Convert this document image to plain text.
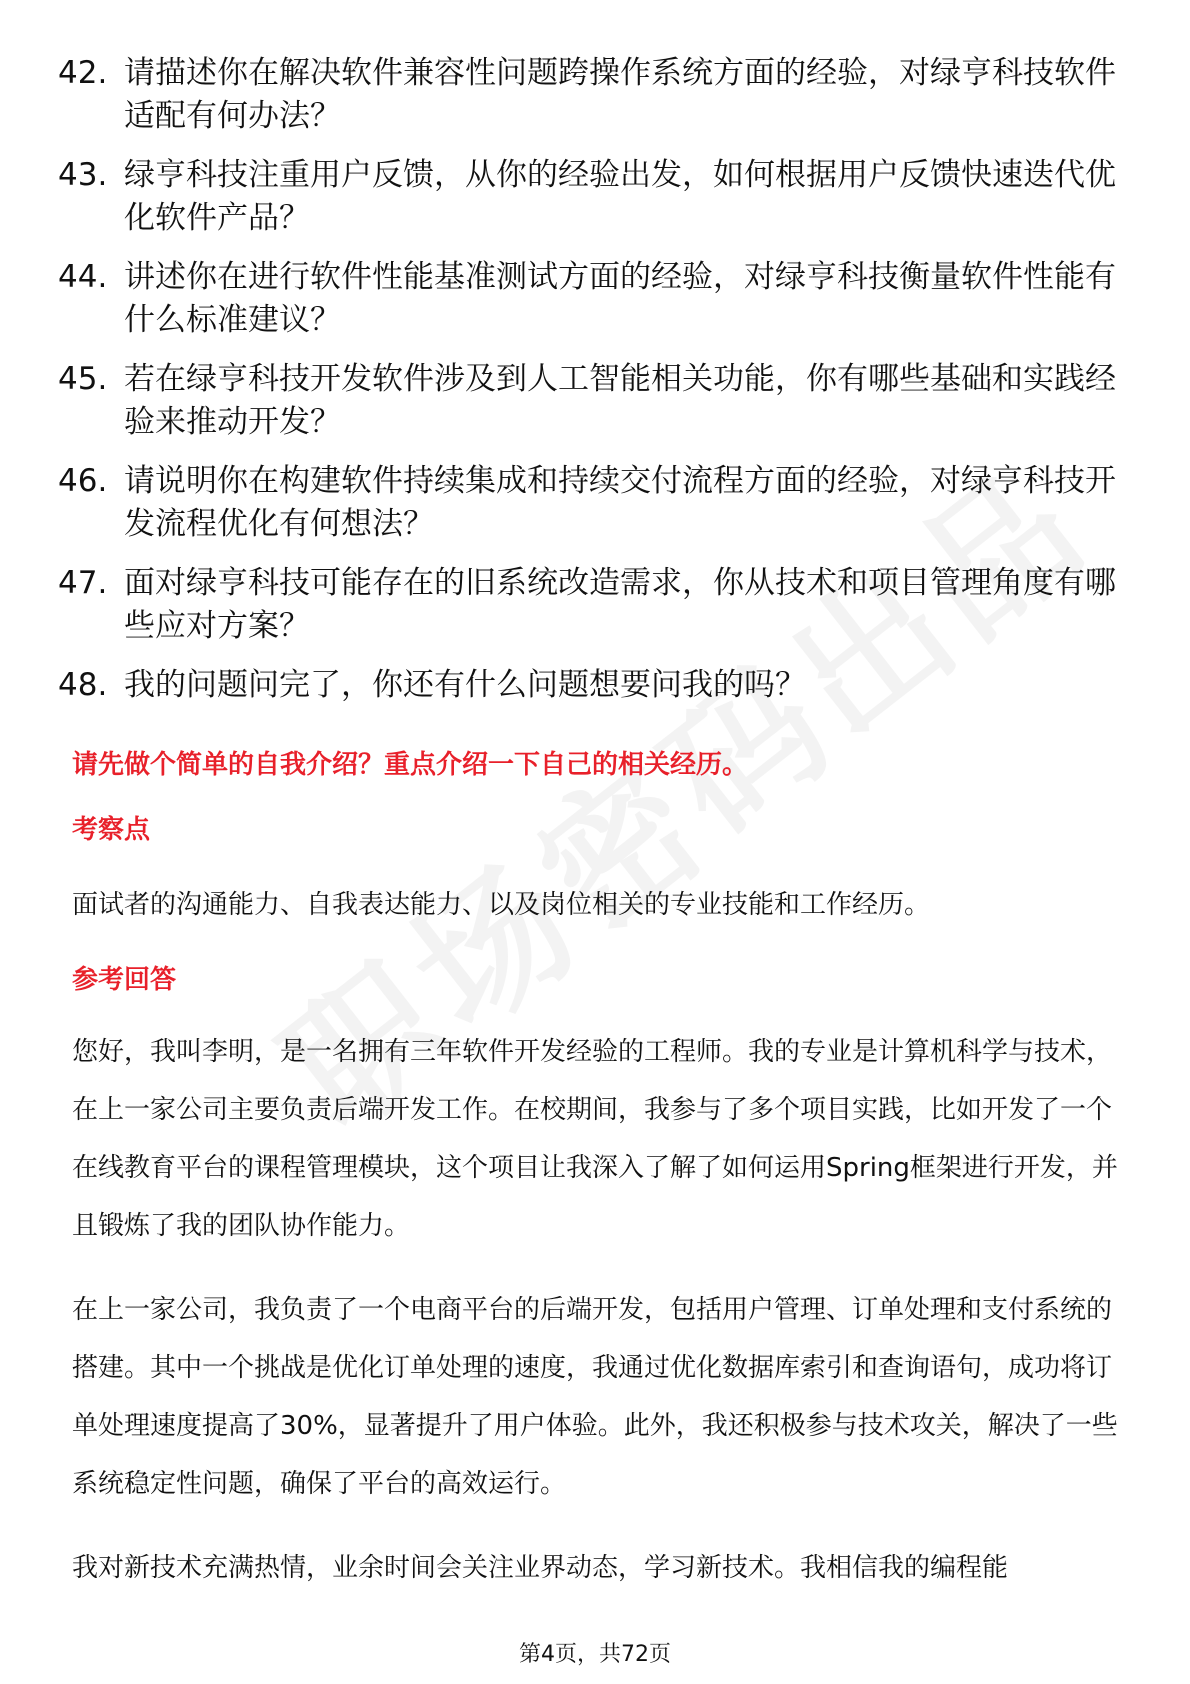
42. 请描述你在解决软件兼容性问题跨操作系统方面的经验，对绿亨科技软件适配有何办法？
43. 绿亨科技注重用户反馈，从你的经验出发，如何根据用户反馈快速迭代优化软件产品？
44. 讲述你在进行软件性能基准测试方面的经验，对绿亨科技衡量软件性能有什么标准建议？
45. 若在绿亨科技开发软件涉及到人工智能相关功能，你有哪些基础和实践经验来推动开发？
46. 请说明你在构建软件持续集成和持续交付流程方面的经验，对绿亨科技开发流程优化有何想法？
47. 面对绿亨科技可能存在的旧系统改造需求，你从技术和项目管理角度有哪些应对方案？
48. 我的问题问完了，你还有什么问题想要问我的吗？
请先做个简单的自我介绍？重点介绍一下自己的相关经历。
考察点
面试者的沟通能力、自我表达能力、以及岗位相关的专业技能和工作经历。
参考回答

您好，我叫李明，是一名拥有三年软件开发经验的工程师。我的专业是计算机科学与技术，在上一家公司主要负责后端开发工作。在校期间，我参与了多个项目实践，比如开发了一个在线教育平台的课程管理模块，这个项目让我深入了解了如何运用Spring框架进行开发，并且锻炼了我的团队协作能力。

在上一家公司，我负责了一个电商平台的后端开发，包括用户管理、订单处理和支付系统的搭建。其中一个挑战是优化订单处理的速度，我通过优化数据库索引和查询语句，成功将订单处理速度提高了30%，显著提升了用户体验。此外，我还积极参与技术攻关，解决了一些系统稳定性问题，确保了平台的高效运行。

我对新技术充满热情，业余时间会关注业界动态，学习新技术。我相信我的编程能

第4页，共72页
